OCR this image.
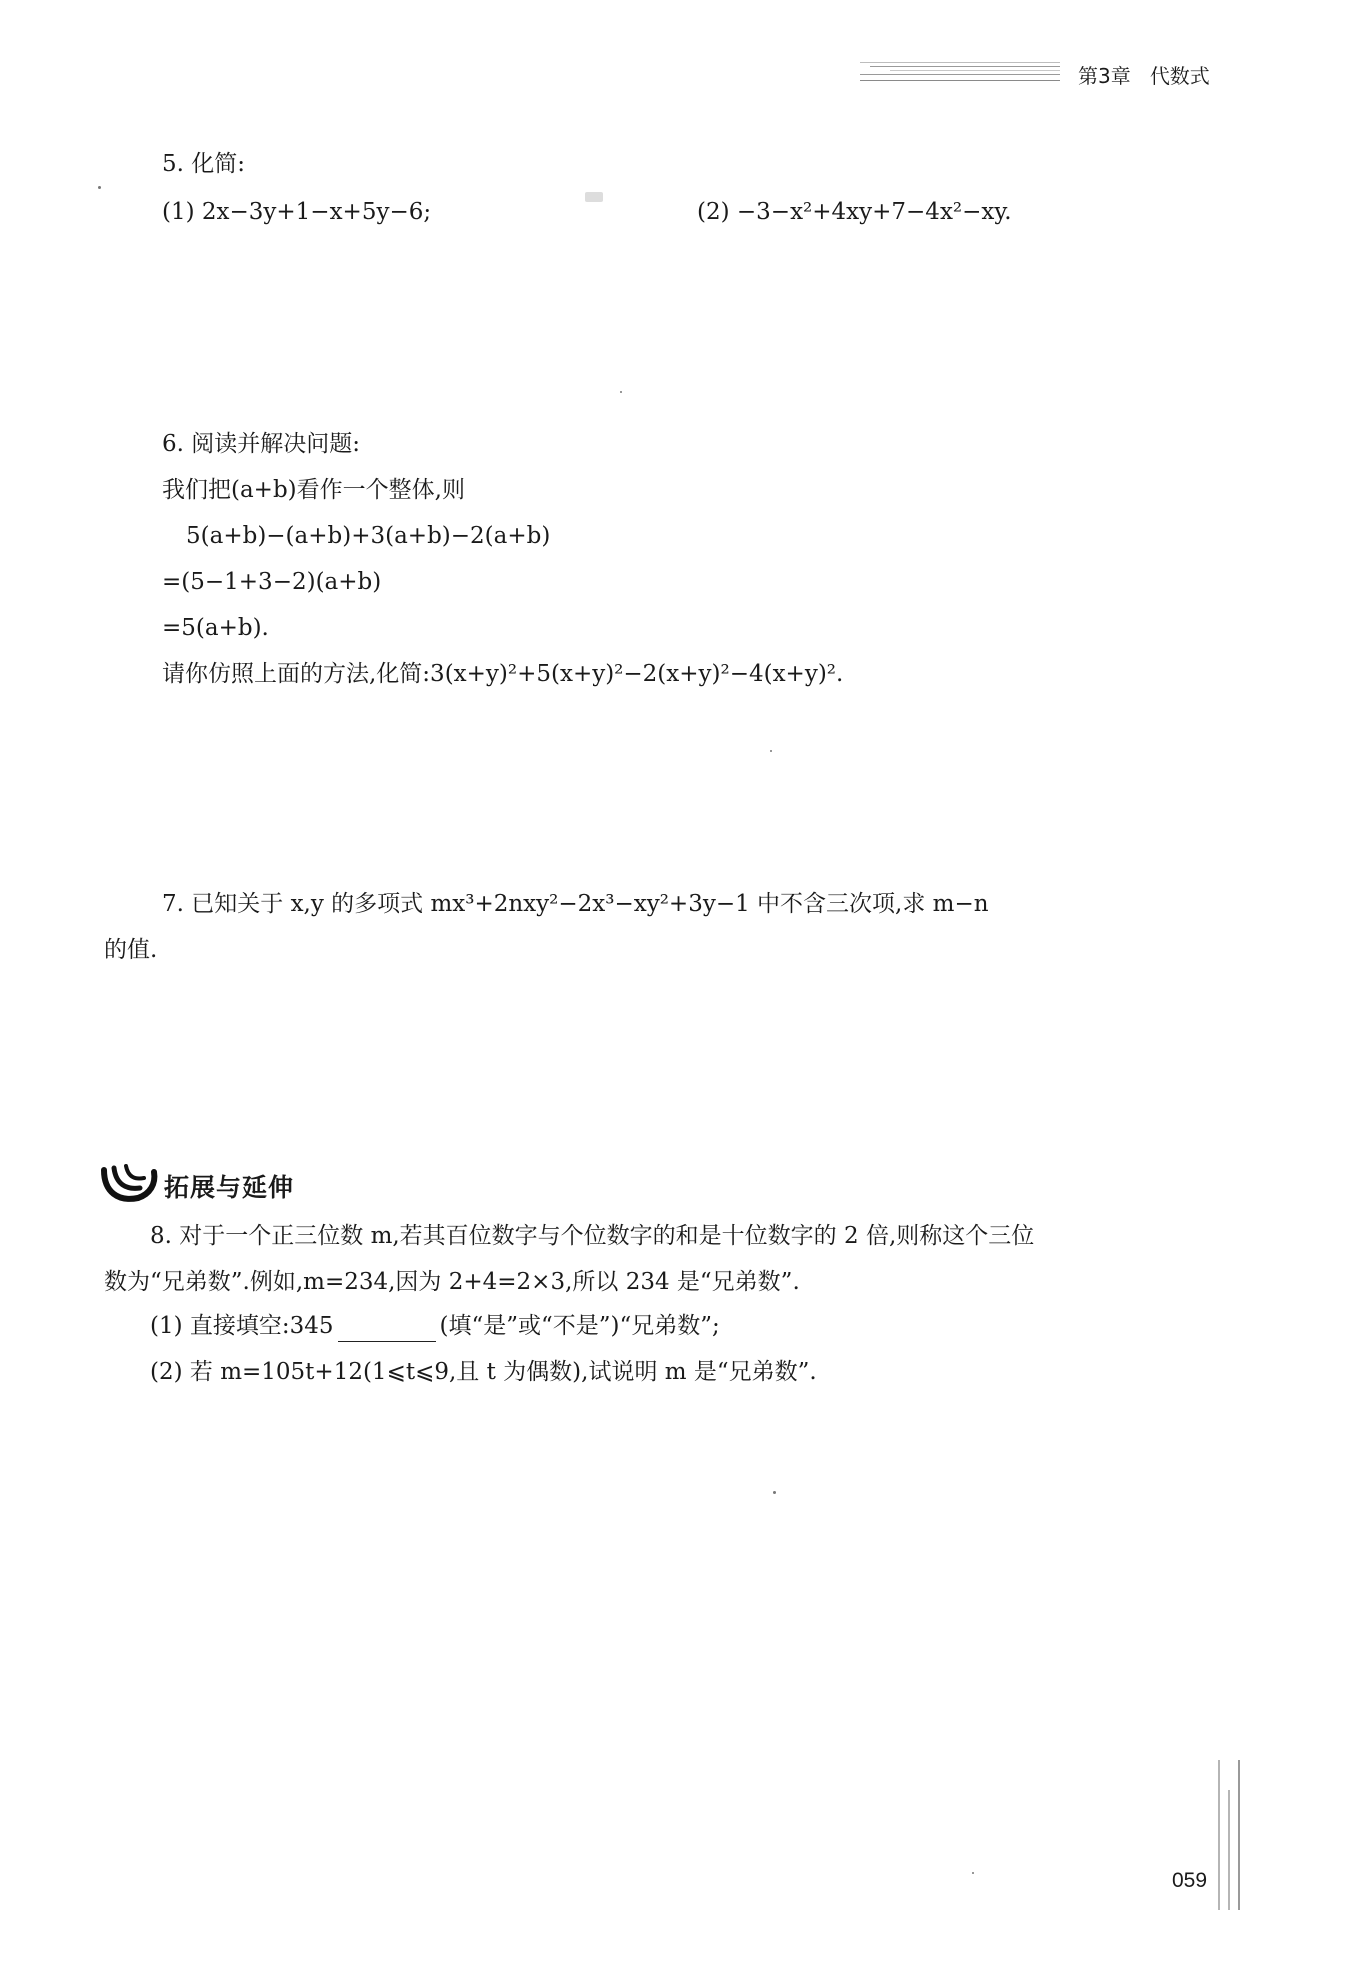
第3章 代数式
5. 化简:
(1) 2x−3y+1−x+5y−6;	(2) −3−x²+4xy+7−4x²−xy.
6. 阅读并解决问题:
我们把(a+b)看作一个整体,则
5(a+b)−(a+b)+3(a+b)−2(a+b)
=(5−1+3−2)(a+b)
=5(a+b).
请你仿照上面的方法,化简:3(x+y)²+5(x+y)²−2(x+y)²−4(x+y)².
7. 已知关于 x,y 的多项式 mx³+2nxy²−2x³−xy²+3y−1 中不含三次项,求 m−n
的值.
拓展与延伸
8. 对于一个正三位数 m,若其百位数字与个位数字的和是十位数字的 2 倍,则称这个三位
数为“兄弟数”.例如,m=234,因为 2+4=2×3,所以 234 是“兄弟数”.
(1) 直接填空:345	(填“是”或“不是”)“兄弟数”;
(2) 若 m=105t+12(1⩽t⩽9,且 t 为偶数),试说明 m 是“兄弟数”.
059
